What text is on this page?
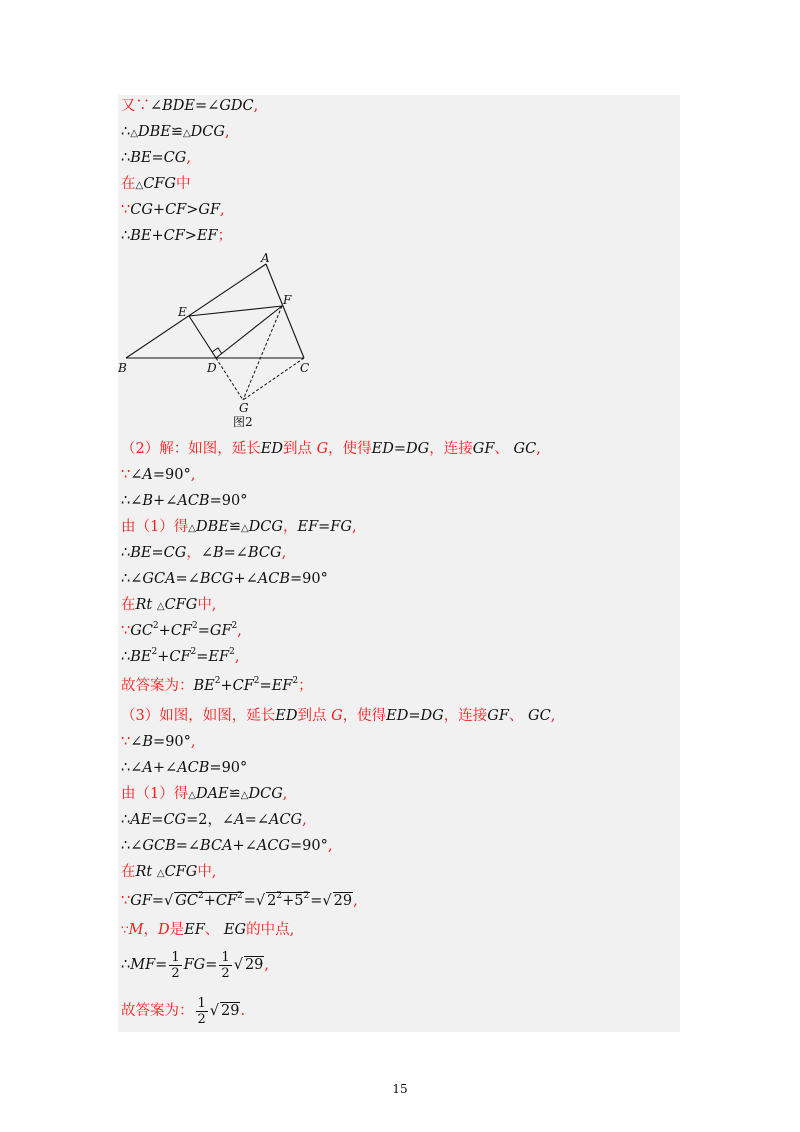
又∵∠BDE=∠GDC,
∴△DBE≌△DCG,
∴BE=CG,
在△CFG中
∵CG+CF>GF,
∴BE+CF>EF；
A
B	C
D
E
F
G
图2
（2）解：如图，延长ED到点 G，使得ED=DG，连接GF、 GC,
∵∠A=90°,
∴∠B+∠ACB=90°
由（1）得△DBE≌△DCG，EF=FG,
∴BE=CG，∠B=∠BCG,
∴∠GCA=∠BCG+∠ACB=90°
在Rt △CFG中,
$\because GC^2+CF^2=GF^2$,
$\therefore BE^2+CF^2=EF^2$,
故答案为：$BE^2+CF^2=EF^2$；
（3）如图，如图，延长ED到点 G，使得ED=DG，连接GF、 GC,
∵∠B=90°,
∴∠A+∠ACB=90°
由（1）得△DAE≌△DCG,
∴AE=CG=2，∠A=∠ACG,
∴∠GCB=∠BCA+∠ACG=90°,
在Rt △CFG中,
∵GF=√ $GC^2+CF^2=√$ $2^2+5^2=√$ 29,
∵M，D是EF、 EG的中点,
∴MF= $\frac{1}{2} FG= \frac{1}{2}$ √ 29,
故答案为： $\frac{1}{2}$ √ 29.
15
